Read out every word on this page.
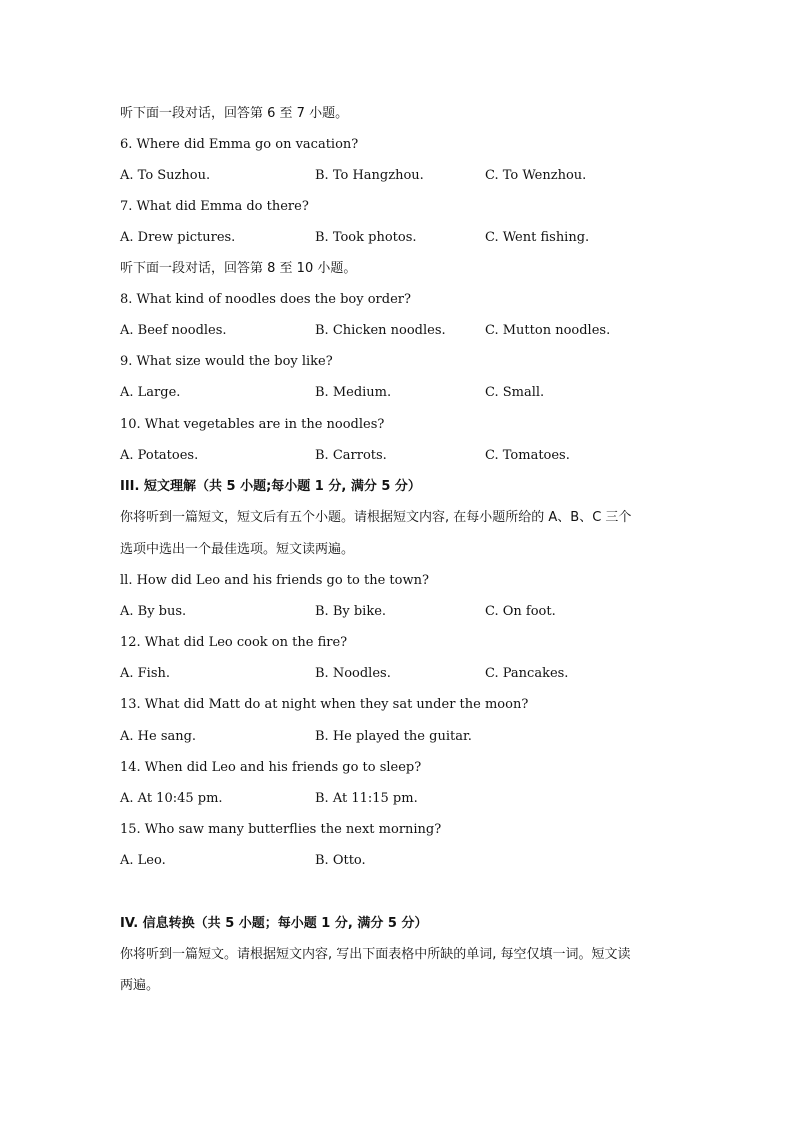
听下面一段对话，回答第 6 至 7 小题。
6. Where did Emma go on vacation?
A. To Suzhou.	B. To Hangzhou.	C. To Wenzhou.
7. What did Emma do there?
A. Drew pictures.	B. Took photos.	C. Went fishing.
听下面一段对话，回答第 8 至 10 小题。
8. What kind of noodles does the boy order?
A. Beef noodles.	B. Chicken noodles.	C. Mutton noodles.
9. What size would the boy like?
A. Large.	B. Medium.	C. Small.
10. What vegetables are in the noodles?
A. Potatoes.	B. Carrots.	C. Tomatoes.
III. 短文理解（共 5 小题;每小题 1 分, 满分 5 分）
你将听到一篇短文，短文后有五个小题。请根据短文内容, 在每小题所给的 A、B、C 三个
选项中选出一个最佳选项。短文读两遍。
ll. How did Leo and his friends go to the town?
A. By bus.	B. By bike.	C. On foot.
12. What did Leo cook on the fire?
A. Fish.	B. Noodles.	C. Pancakes.
13. What did Matt do at night when they sat under the moon?
A. He sang.	B. He played the guitar.
14. When did Leo and his friends go to sleep?
A. At 10:45 pm.	B. At 11:15 pm.
15. Who saw many butterflies the next morning?
A. Leo.	B. Otto.
IV. 信息转换（共 5 小题；每小题 1 分, 满分 5 分）
你将听到一篇短文。请根据短文内容, 写出下面表格中所缺的单词, 每空仅填一词。短文读
两遍。
